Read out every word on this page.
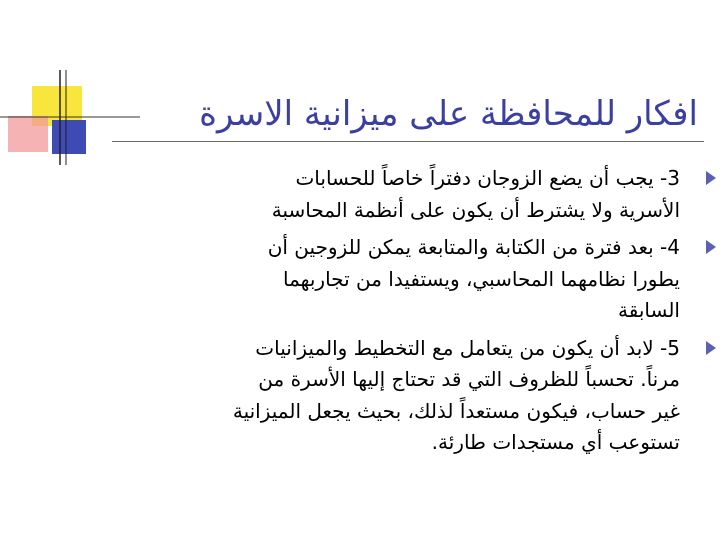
افكار للمحافظة على ميزانية الاسرة
3- يجب أن يضع الزوجان دفتراً خاصاً للحسابات
الأسرية ولا يشترط أن يكون على أنظمة المحاسبة
4- بعد فترة من الكتابة والمتابعة يمكن للزوجين أن
يطورا نظامهما المحاسبي، ويستفيدا من تجاربهما
السابقة
5- لابد أن يكون من يتعامل مع التخطيط والميزانيات
مرناً. تحسباً للظروف التي قد تحتاج إليها الأسرة من
غير حساب، فيكون مستعداً لذلك، بحيث يجعل الميزانية
تستوعب أي مستجدات طارئة.
